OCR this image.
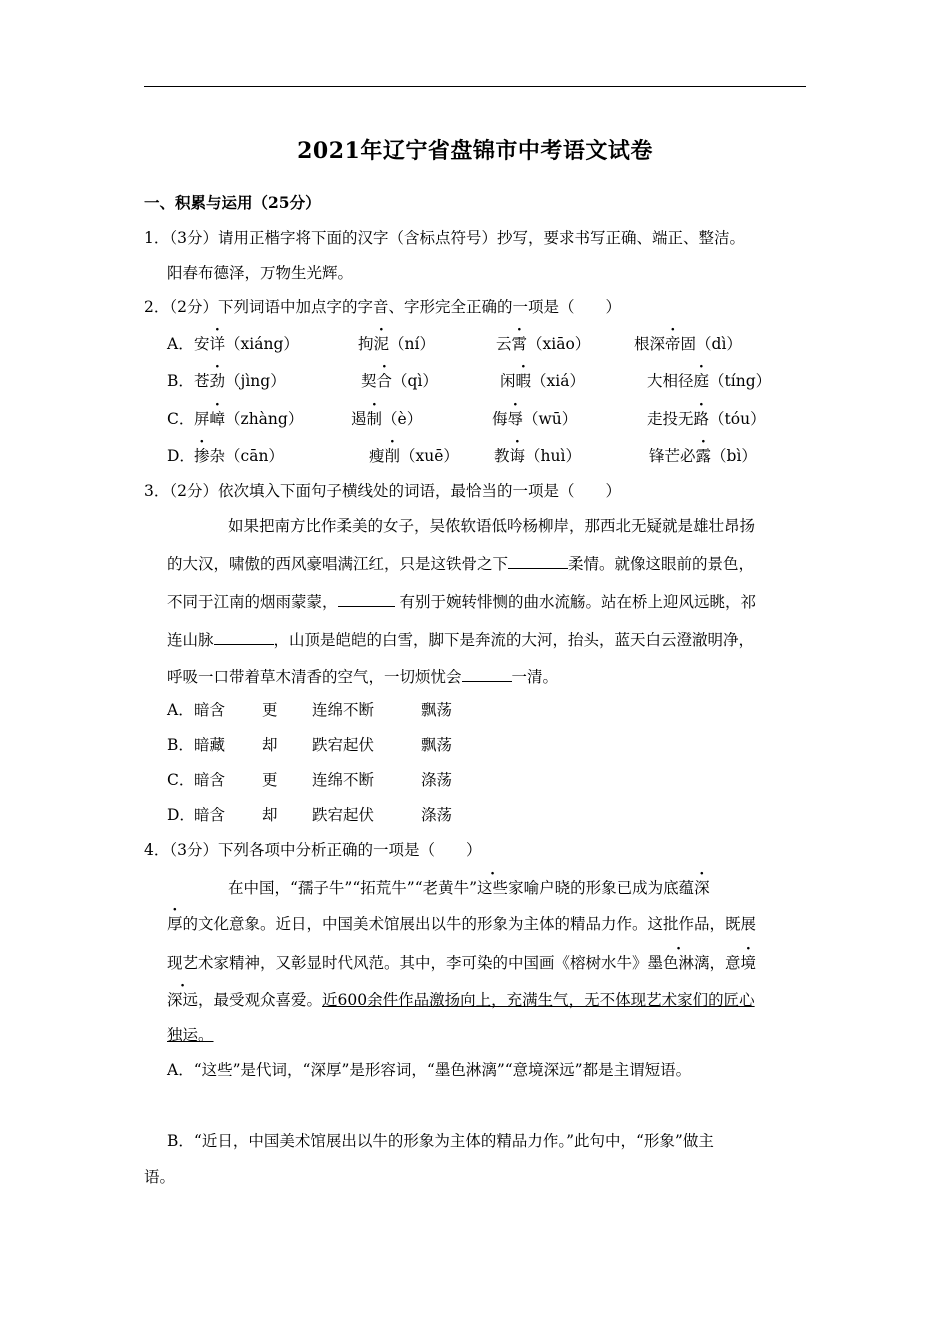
2021年辽宁省盘锦市中考语文试卷
一、积累与运用（25分）
1．（3分）请用正楷字将下面的汉字（含标点符号）抄写，要求书写正确、端正、整洁。
阳春布德泽，万物生光辉。
2．（2分）下列词语中加点字的字音、字形完全正确的一项是（　　）
A． 安详（xiáng）	拘泥（ní）	云霄（xiāo）	根深帝固（dì）
B． 苍劲（jìng）	契合（qì）	闲暇（xiá）	大相径庭（tíng）
C． 屏嶂（zhàng）	遏制（è）	侮辱（wū）	走投无路（tóu）
D． 掺杂（cān）	瘦削（xuē） 教诲（huì）	锋芒必露（bì）
3．（2分）依次填入下面句子横线处的词语，最恰当的一项是（　　）
如果把南方比作柔美的女子，吴侬软语低吟杨柳岸，那西北无疑就是雄壮昂扬
的大汉，啸傲的西风豪唱满江红，只是这铁骨之下	柔情。就像这眼前的景色，
不同于江南的烟雨蒙蒙，	有别于婉转悱恻的曲水流觞。站在桥上迎风远眺，祁
连山脉	，山顶是皑皑的白雪，脚下是奔流的大河，抬头，蓝天白云澄澈明净，
呼吸一口带着草木清香的空气，一切烦忧会	一清。
A． 暗含 更 连绵不断	飘荡
B． 暗藏 却 跌宕起伏	飘荡
C． 暗含 更 连绵不断	涤荡
D． 暗含 却 跌宕起伏	涤荡
4．（3分）下列各项中分析正确的一项是（　　）
在中国，“孺子牛”“拓荒牛”“老黄牛”这些家喻户晓的形象已成为底蕴深
厚的文化意象。近日，中国美术馆展出以牛的形象为主体的精品力作。这批作品，既展
现艺术家精神，又彰显时代风范。其中，李可染的中国画《榕树水牛》墨色淋漓，意境
深远，最受观众喜爱。近600余件作品激扬向上，充满生气，无不体现艺术家们的匠心
独运。
A．“这些”是代词，“深厚”是形容词，“墨色淋漓”“意境深远”都是主谓短语。
B．“近日，中国美术馆展出以牛的形象为主体的精品力作。”此句中，“形象”做主
语。
